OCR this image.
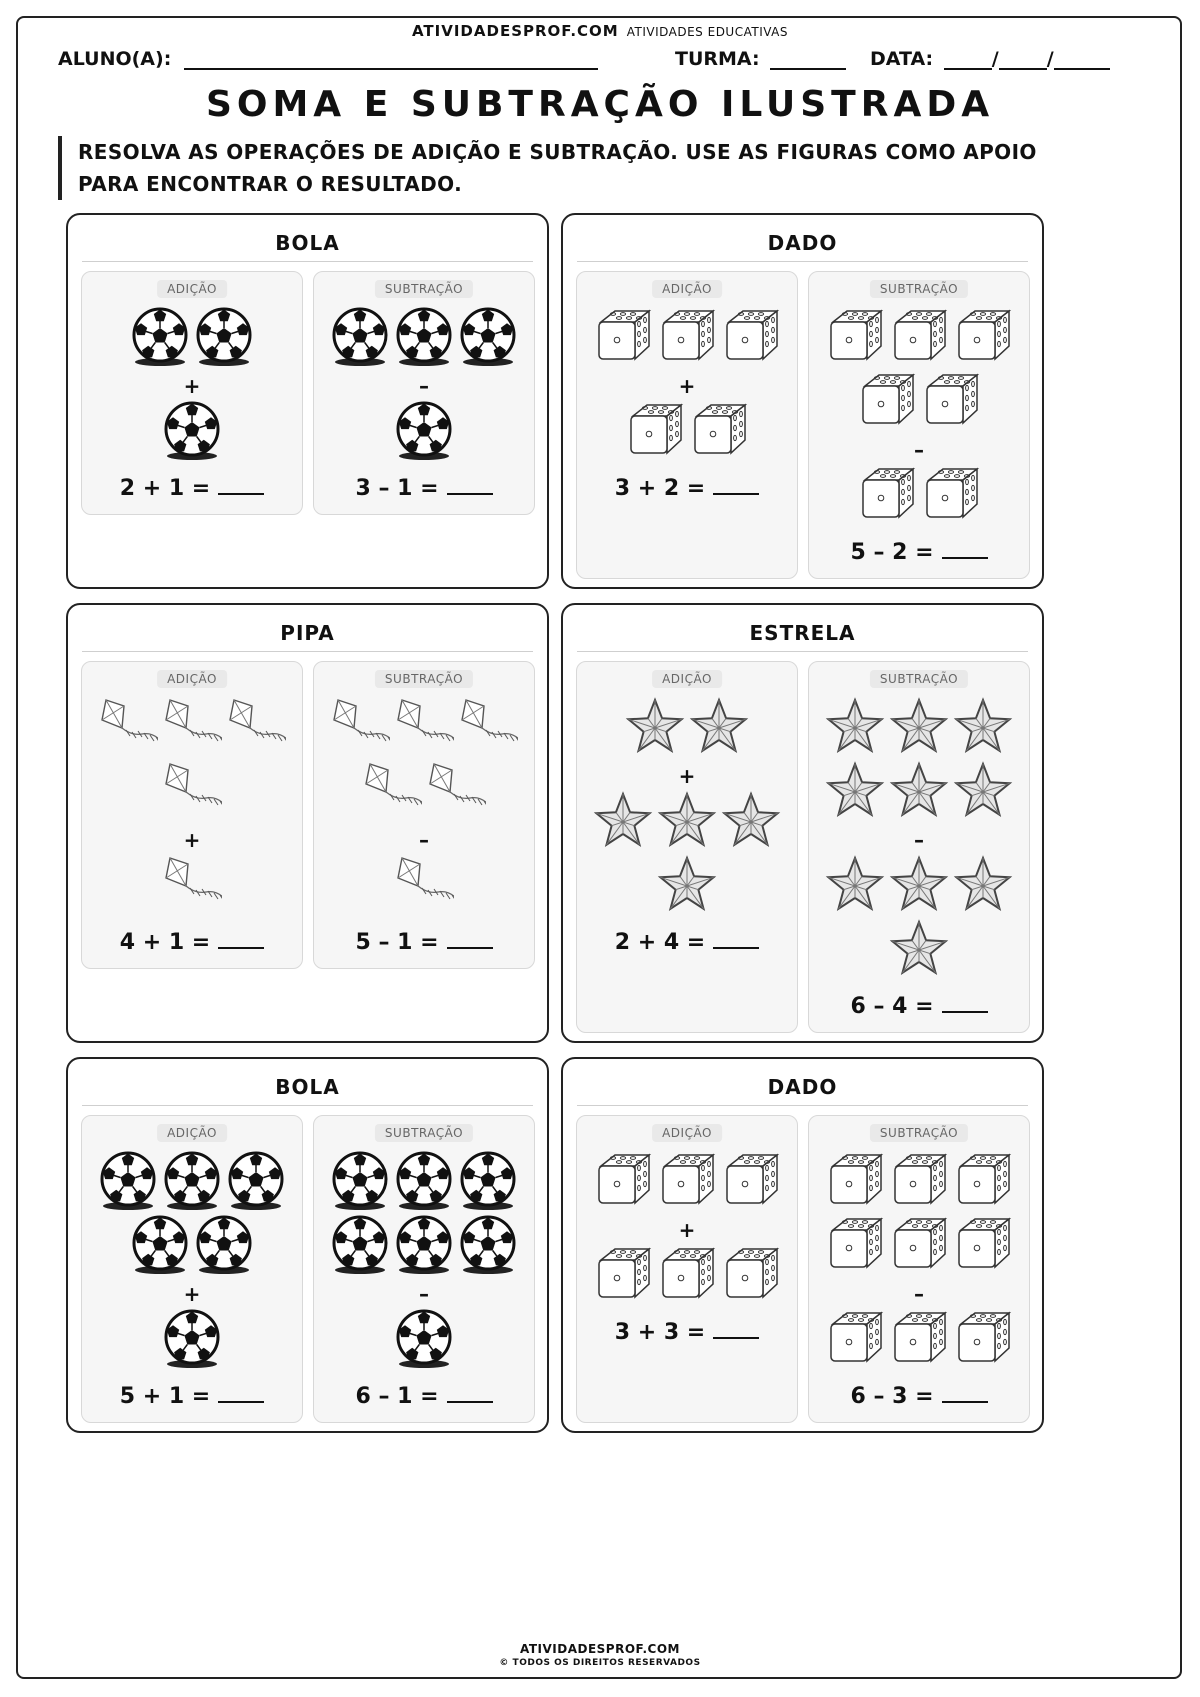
ATIVIDADESPROF.COM ATIVIDADES EDUCATIVAS
ALUNO(A):	TURMA:	DATA:	/	/
SOMA E SUBTRAÇÃO ILUSTRADA
RESOLVA AS OPERAÇÕES DE ADIÇÃO E SUBTRAÇÃO. USE AS FIGURAS COMO APOIO
PARA ENCONTRAR O RESULTADO.
BOLA
ADIÇÃO
+
2 + 1 =
SUBTRAÇÃO
–
3 – 1 =
DADO
ADIÇÃO
+
3 + 2 =
SUBTRAÇÃO
–
5 – 2 =
PIPA
ADIÇÃO
+
4 + 1 =
SUBTRAÇÃO
–
5 – 1 =
ESTRELA
ADIÇÃO
+
2 + 4 =
SUBTRAÇÃO
–
6 – 4 =
BOLA
ADIÇÃO
+
5 + 1 =
SUBTRAÇÃO
–
6 – 1 =
DADO
ADIÇÃO
+
3 + 3 =
SUBTRAÇÃO
–
6 – 3 =
ATIVIDADESPROF.COM
© TODOS OS DIREITOS RESERVADOS
